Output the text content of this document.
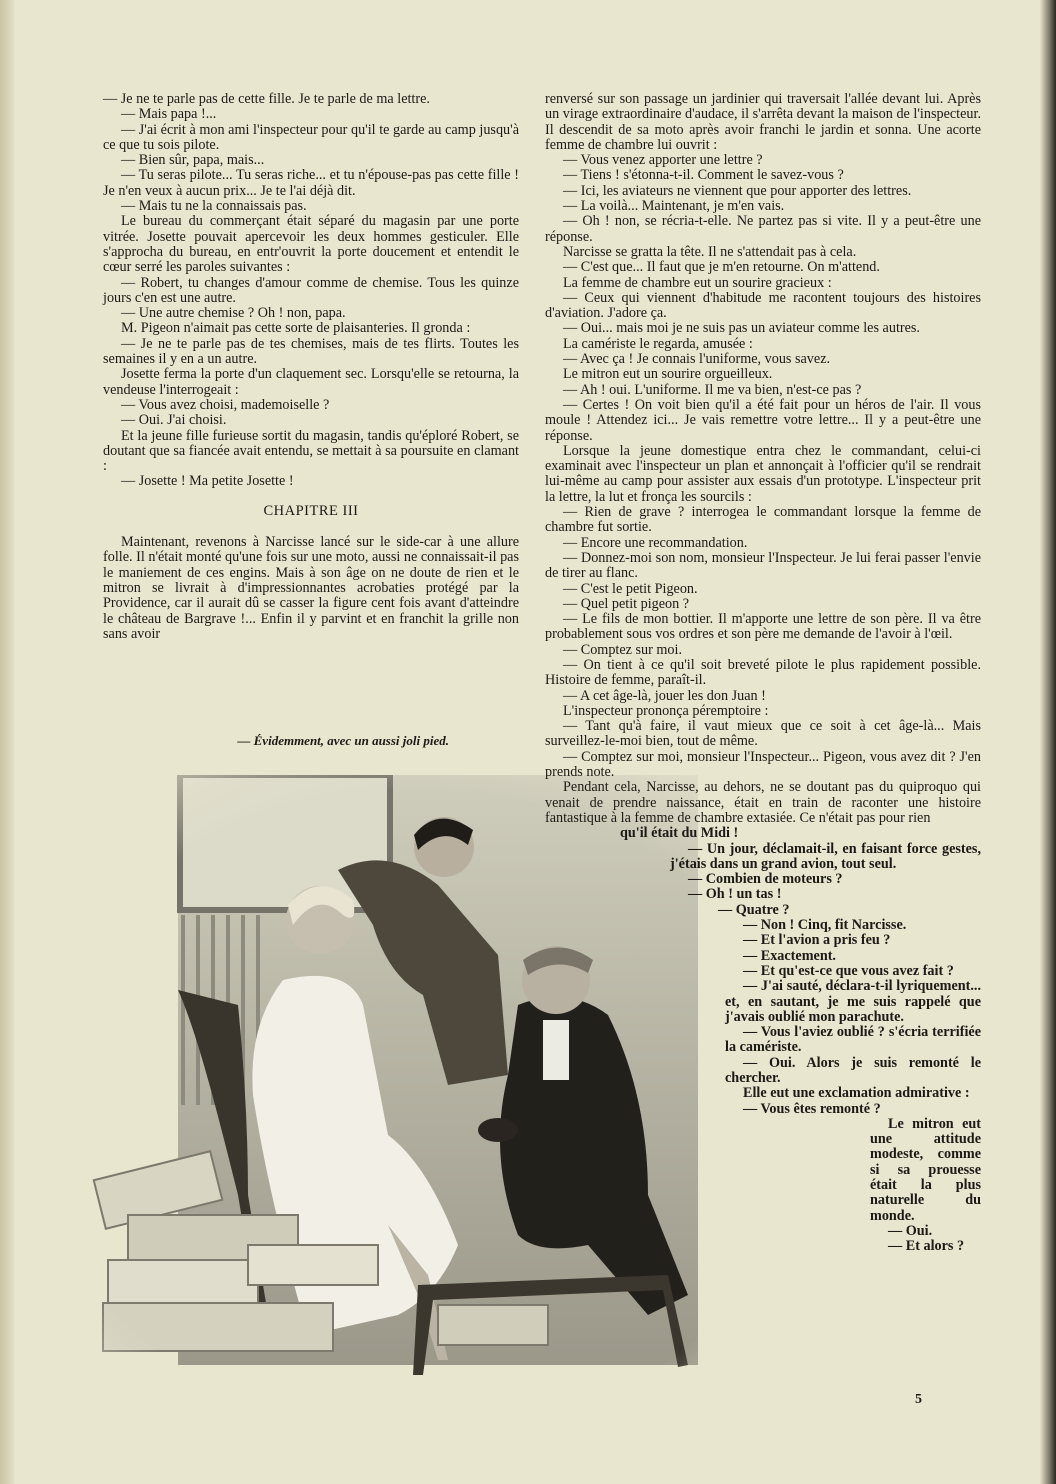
— Je ne te parle pas de cette fille. Je te parle de ma lettre.

— Mais papa !...

— J'ai écrit à mon ami l'inspecteur pour qu'il te garde au camp jusqu'à ce que tu sois pilote.

— Bien sûr, papa, mais...

— Tu seras pilote... Tu seras riche... et tu n'épouse-pas pas cette fille ! Je n'en veux à aucun prix... Je te l'ai déjà dit.

— Mais tu ne la connaissais pas.

Le bureau du commerçant était séparé du magasin par une porte vitrée. Josette pouvait apercevoir les deux hommes gesticuler. Elle s'approcha du bureau, en entr'ouvrit la porte doucement et entendit le cœur serré les paroles suivantes :

— Robert, tu changes d'amour comme de chemise. Tous les quinze jours c'en est une autre.

— Une autre chemise ? Oh ! non, papa.

M. Pigeon n'aimait pas cette sorte de plaisanteries. Il gronda :

— Je ne te parle pas de tes chemises, mais de tes flirts. Toutes les semaines il y en a un autre.

Josette ferma la porte d'un claquement sec. Lorsqu'elle se retourna, la vendeuse l'interrogeait :

— Vous avez choisi, mademoiselle ?

— Oui. J'ai choisi.

Et la jeune fille furieuse sortit du magasin, tandis qu'éploré Robert, se doutant que sa fiancée avait entendu, se mettait à sa poursuite en clamant :

— Josette ! Ma petite Josette !

CHAPITRE III

Maintenant, revenons à Narcisse lancé sur le side-car à une allure folle. Il n'était monté qu'une fois sur une moto, aussi ne connaissait-il pas le maniement de ces engins. Mais à son âge on ne doute de rien et le mitron se livrait à d'impressionnantes acrobaties protégé par la Providence, car il aurait dû se casser la figure cent fois avant d'atteindre le château de Bargrave !... Enfin il y parvint et en franchit la grille non sans avoir

— Évidemment, avec un aussi joli pied.

renversé sur son passage un jardinier qui traversait l'allée devant lui. Après un virage extraordinaire d'audace, il s'arrêta devant la maison de l'inspecteur. Il descendit de sa moto après avoir franchi le jardin et sonna. Une acorte femme de chambre lui ouvrit :

— Vous venez apporter une lettre ?

— Tiens ! s'étonna-t-il. Comment le savez-vous ?

— Ici, les aviateurs ne viennent que pour apporter des lettres.

— La voilà... Maintenant, je m'en vais.

— Oh ! non, se récria-t-elle. Ne partez pas si vite. Il y a peut-être une réponse.

Narcisse se gratta la tête. Il ne s'attendait pas à cela.

— C'est que... Il faut que je m'en retourne. On m'attend.

La femme de chambre eut un sourire gracieux :

— Ceux qui viennent d'habitude me racontent toujours des histoires d'aviation. J'adore ça.

— Oui... mais moi je ne suis pas un aviateur comme les autres.

La caméristе le regarda, amusée :

— Avec ça ! Je connais l'uniforme, vous savez.

Le mitron eut un sourire orgueilleux.

— Ah ! oui. L'uniforme. Il me va bien, n'est-ce pas ?

— Certes ! On voit bien qu'il a été fait pour un héros de l'air. Il vous moule ! Attendez ici... Je vais remettre votre lettre... Il y a peut-être une réponse.

Lorsque la jeune domestique entra chez le commandant, celui-ci examinait avec l'inspecteur un plan et annonçait à l'officier qu'il se rendrait lui-même au camp pour assister aux essais d'un prototype. L'inspecteur prit la lettre, la lut et fronça les sourcils :

— Rien de grave ? interrogea le commandant lorsque la femme de chambre fut sortie.

— Encore une recommandation.

— Donnez-moi son nom, monsieur l'Inspecteur. Je lui ferai passer l'envie de tirer au flanc.

— C'est le petit Pigeon.

— Quel petit pigeon ?

— Le fils de mon bottier. Il m'apporte une lettre de son père. Il va être probablement sous vos ordres et son père me demande de l'avoir à l'œil.

— Comptez sur moi.

— On tient à ce qu'il soit breveté pilote le plus rapidement possible. Histoire de femme, paraît-il.

— A cet âge-là, jouer les don Juan !

L'inspecteur prononça péremptoire :

— Tant qu'à faire, il vaut mieux que ce soit à cet âge-là... Mais surveillez-le-moi bien, tout de même.

— Comptez sur moi, monsieur l'Inspecteur... Pigeon, vous avez dit ? J'en prends note.

Pendant cela, Narcisse, au dehors, ne se doutant pas du quiproquo qui venait de prendre naissance, était en train de raconter une histoire fantastique à la femme de chambre extasiée. Ce n'était pas pour rien

qu'il était du Midi !

— Un jour, déclamait-il, en faisant force gestes, j'étais dans un grand avion, tout seul.

— Combien de moteurs ?

— Oh ! un tas !

— Quatre ?

— Non ! Cinq, fit Narcisse.

— Et l'avion a pris feu ?

— Exactement.

— Et qu'est-ce que vous avez fait ?

— J'ai sauté, déclara-t-il lyriquement... et, en sautant, je me suis rappelé que j'avais oublié mon parachute.

— Vous l'aviez oublié ? s'écria terrifiée la caméristе.

— Oui. Alors je suis remonté le chercher.

Elle eut une exclamation admirative :

— Vous êtes remonté ?

Le mitron eut une attitude modeste, comme si sa prouesse était la plus naturelle du monde.

— Oui.

— Et alors ?

5
